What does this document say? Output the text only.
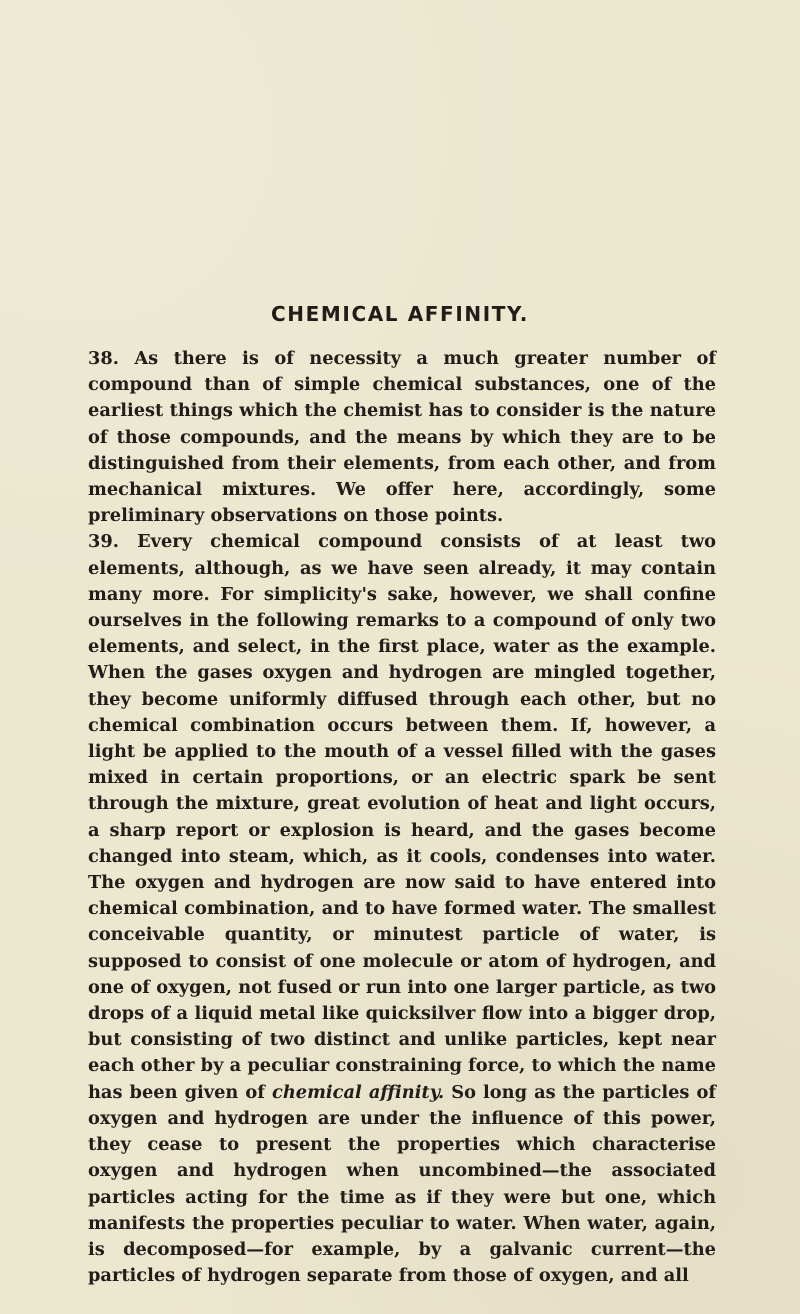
CHEMICAL AFFINITY.

38. As there is of necessity a much greater number of compound than of simple chemical substances, one of the earliest things which the chemist has to consider is the nature of those compounds, and the means by which they are to be distinguished from their elements, from each other, and from mechanical mixtures. We offer here, accordingly, some preliminary observations on those points.

39. Every chemical compound consists of at least two elements, although, as we have seen already, it may contain many more. For simplicity's sake, however, we shall confine ourselves in the following remarks to a compound of only two elements, and select, in the first place, water as the example. When the gases oxygen and hydrogen are mingled together, they become uniformly diffused through each other, but no chemical combination occurs between them. If, however, a light be applied to the mouth of a vessel filled with the gases mixed in certain proportions, or an electric spark be sent through the mixture, great evolution of heat and light occurs, a sharp report or explosion is heard, and the gases become changed into steam, which, as it cools, condenses into water. The oxygen and hydrogen are now said to have entered into chemical combination, and to have formed water. The smallest conceivable quantity, or minutest particle of water, is supposed to consist of one molecule or atom of hydrogen, and one of oxygen, not fused or run into one larger particle, as two drops of a liquid metal like quicksilver flow into a bigger drop, but consisting of two distinct and unlike particles, kept near each other by a peculiar constraining force, to which the name has been given of chemical affinity. So long as the particles of oxygen and hydrogen are under the influence of this power, they cease to present the properties which characterise oxygen and hydrogen when uncombined—the associated particles acting for the time as if they were but one, which manifests the properties peculiar to water. When water, again, is decomposed—for example, by a galvanic current—the particles of hydrogen separate from those of oxygen, and all
